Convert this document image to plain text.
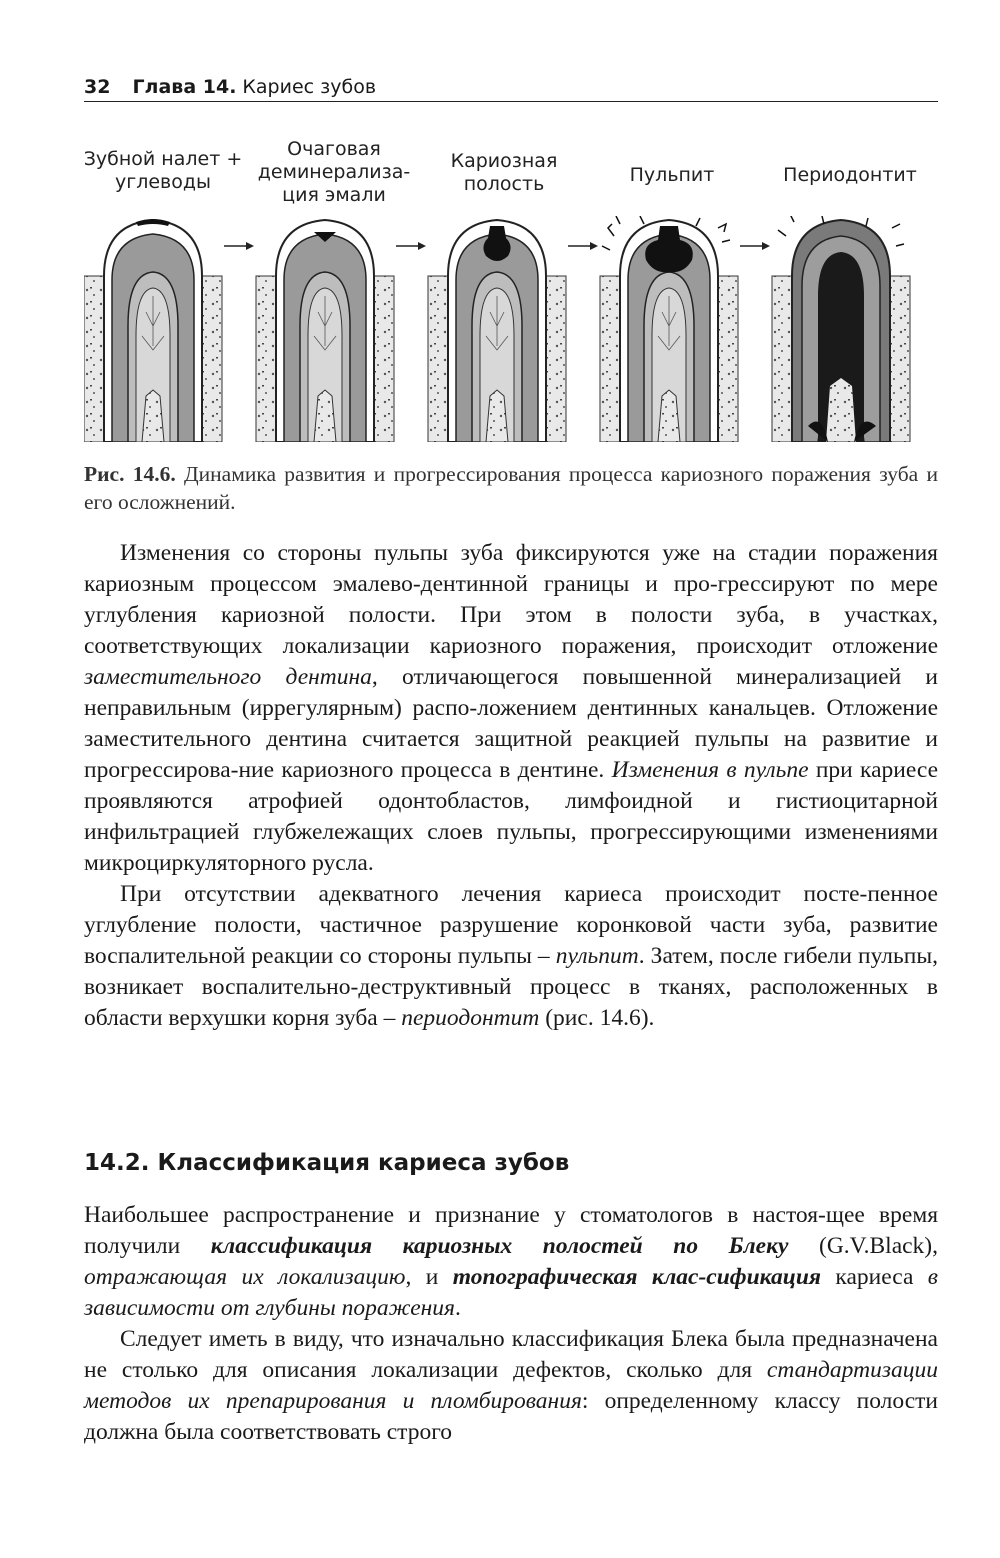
32 Глава 14. Кариес зубов
Зубной налет +
углеводы
Очаговая
деминерализа-
ция эмали
Кариозная
полость	Пульпит	Периодонтит
Рис. 14.6. Динамика развития и прогрессирования процесса кариозного поражения зуба и его осложнений.

Изменения со стороны пульпы зуба фиксируются уже на стадии поражения кариозным процессом эмалево-дентинной границы и про-грессируют по мере углубления кариозной полости. При этом в полости зуба, в участках, соответствующих локализации кариозного поражения, происходит отложение заместительного дентина, отличающегося повышенной минерализацией и неправильным (иррегулярным) распо-ложением дентинных канальцев. Отложение заместительного дентина считается защитной реакцией пульпы на развитие и прогрессирова-ние кариозного процесса в дентине. Изменения в пульпе при кариесе проявляются атрофией одонтобластов, лимфоидной и гистиоцитарной инфильтрацией глубжележащих слоев пульпы, прогрессирующими изменениями микроциркуляторного русла.

При отсутствии адекватного лечения кариеса происходит посте-пенное углубление полости, частичное разрушение коронковой части зуба, развитие воспалительной реакции со стороны пульпы – пульпит. Затем, после гибели пульпы, возникает воспалительно-деструктивный процесс в тканях, расположенных в области верхушки корня зуба – периодонтит (рис. 14.6).

14.2. Классификация кариеса зубов

Наибольшее распространение и признание у стоматологов в настоя-щее время получили классификация кариозных полостей по Блеку (G.V.Black), отражающая их локализацию, и топографическая клас-сификация кариеса в зависимости от глубины поражения.

Следует иметь в виду, что изначально классификация Блека была предназначена не столько для описания локализации дефектов, сколько для стандартизации методов их препарирования и пломбирования: определенному классу полости должна была соответствовать строго
